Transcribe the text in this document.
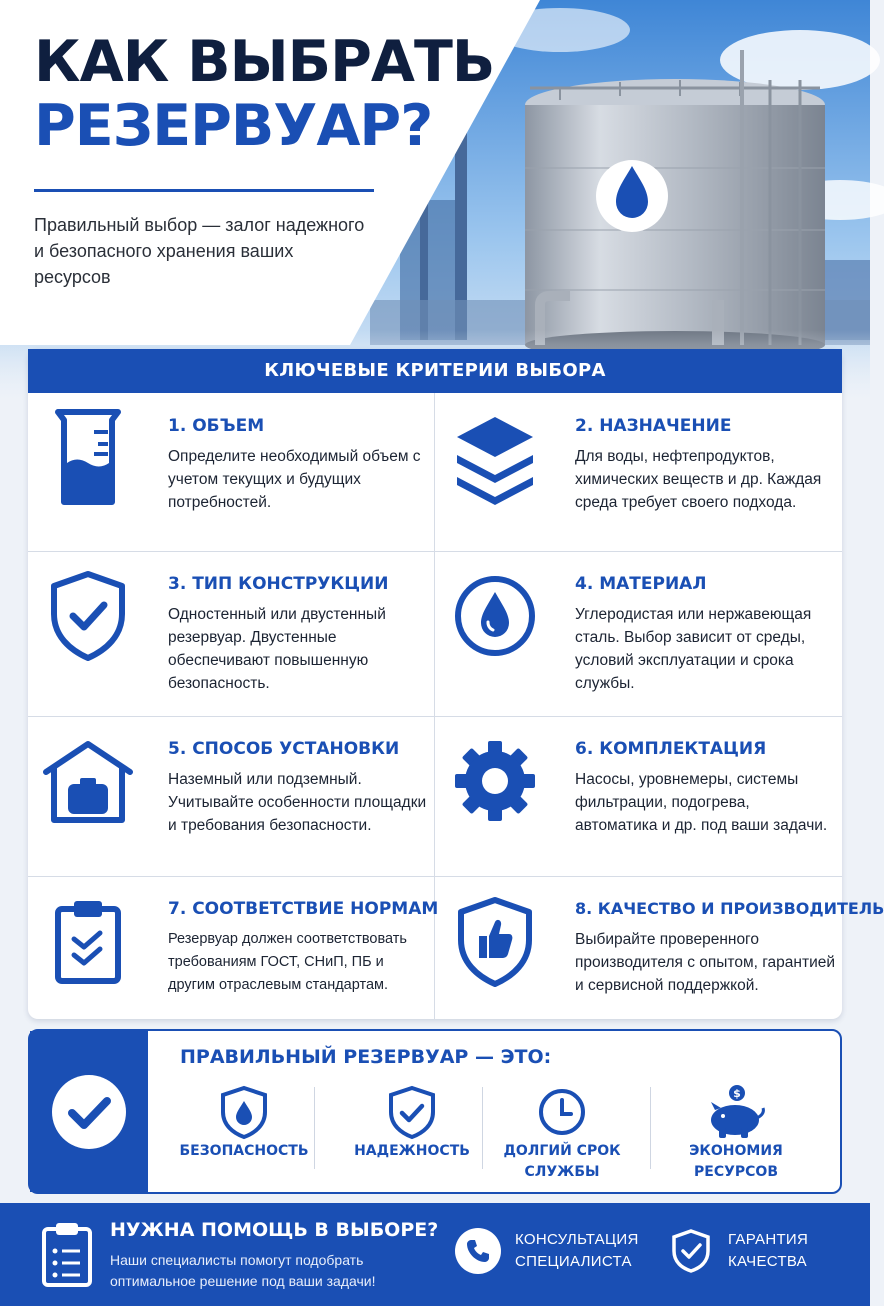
КАК ВЫБРАТЬ
РЕЗЕРВУАР?

Правильный выбор — залог надежного и безопасного хранения ваших ресурсов

КЛЮЧЕВЫЕ КРИТЕРИИ ВЫБОРА
1. ОБЪЕМ
Определите необходимый объем с учетом текущих и будущих потребностей.
2. НАЗНАЧЕНИЕ
Для воды, нефтепродуктов, химических веществ и др. Каждая среда требует своего подхода.
3. ТИП КОНСТРУКЦИИ
Одностенный или двустенный резервуар. Двустенные обеспечивают повышенную безопасность.
4. МАТЕРИАЛ
Углеродистая или нержавеющая сталь. Выбор зависит от среды, условий эксплуатации и срока службы.
5. СПОСОБ УСТАНОВКИ
Наземный или подземный. Учитывайте особенности площадки и требования безопасности.
6. КОМПЛЕКТАЦИЯ
Насосы, уровнемеры, системы фильтрации, подогрева, автоматика и др. под ваши задачи.
7. СООТВЕТСТВИЕ НОРМАМ
Резервуар должен соответствовать требованиям ГОСТ, СНиП, ПБ и другим отраслевым стандартам.
8. КАЧЕСТВО И ПРОИЗВОДИТЕЛЬ
Выбирайте проверенного производителя с опытом, гарантией и сервисной поддержкой.
ПРАВИЛЬНЫЙ РЕЗЕРВУАР — ЭТО:
БЕЗОПАСНОСТЬ	НАДЕЖНОСТЬ	ДОЛГИЙ СРОК СЛУЖБЫ
$
ЭКОНОМИЯ РЕСУРСОВ
НУЖНА ПОМОЩЬ В ВЫБОРЕ?
Наши специалисты помогут подобрать оптимальное решение под ваши задачи!
КОНСУЛЬТАЦИЯ СПЕЦИАЛИСТА
ГАРАНТИЯ КАЧЕСТВА
